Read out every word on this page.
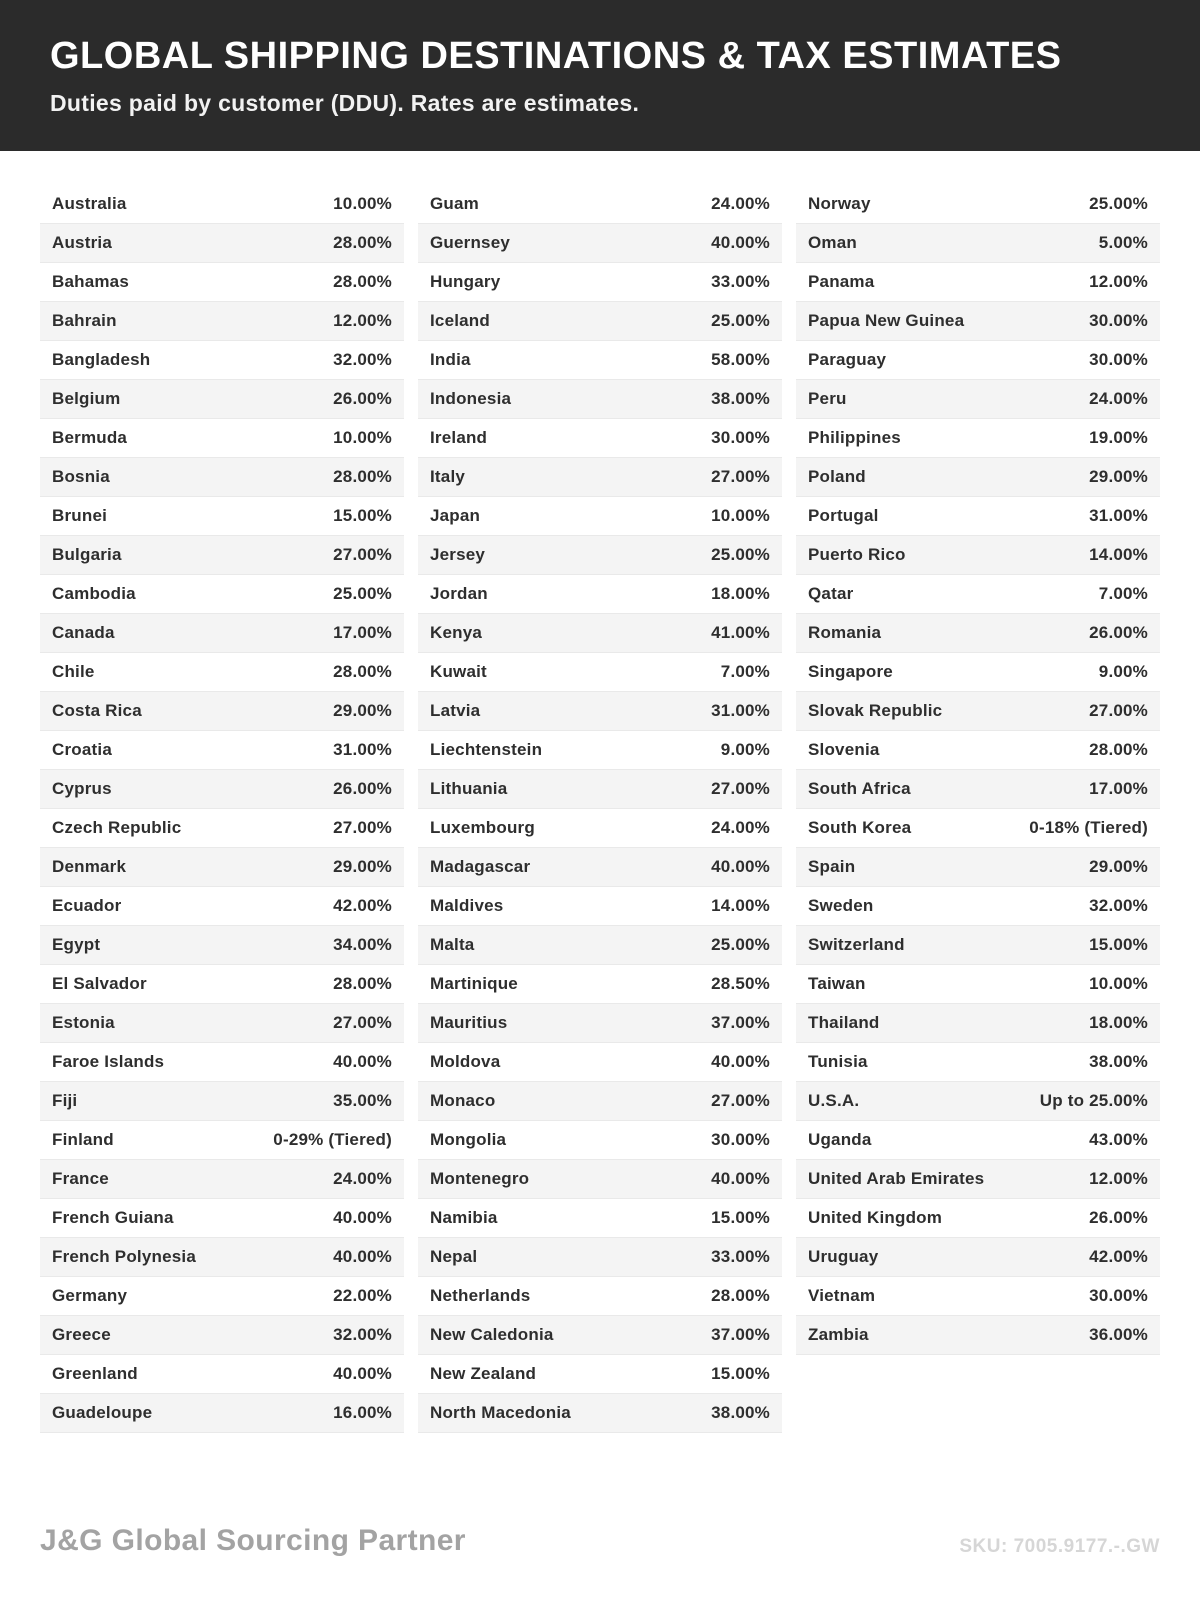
GLOBAL SHIPPING DESTINATIONS & TAX ESTIMATES

Duties paid by customer (DDU). Rates are estimates.

Australia	10.00%
Austria	28.00%
Bahamas	28.00%
Bahrain	12.00%
Bangladesh	32.00%
Belgium	26.00%
Bermuda	10.00%
Bosnia	28.00%
Brunei	15.00%
Bulgaria	27.00%
Cambodia	25.00%
Canada	17.00%
Chile	28.00%
Costa Rica	29.00%
Croatia	31.00%
Cyprus	26.00%
Czech Republic	27.00%
Denmark	29.00%
Ecuador	42.00%
Egypt	34.00%
El Salvador	28.00%
Estonia	27.00%
Faroe Islands	40.00%
Fiji	35.00%
Finland	0-29% (Tiered)
France	24.00%
French Guiana	40.00%
French Polynesia	40.00%
Germany	22.00%
Greece	32.00%
Greenland	40.00%
Guadeloupe	16.00%
Guam	24.00%
Guernsey	40.00%
Hungary	33.00%
Iceland	25.00%
India	58.00%
Indonesia	38.00%
Ireland	30.00%
Italy	27.00%
Japan	10.00%
Jersey	25.00%
Jordan	18.00%
Kenya	41.00%
Kuwait	7.00%
Latvia	31.00%
Liechtenstein	9.00%
Lithuania	27.00%
Luxembourg	24.00%
Madagascar	40.00%
Maldives	14.00%
Malta	25.00%
Martinique	28.50%
Mauritius	37.00%
Moldova	40.00%
Monaco	27.00%
Mongolia	30.00%
Montenegro	40.00%
Namibia	15.00%
Nepal	33.00%
Netherlands	28.00%
New Caledonia	37.00%
New Zealand	15.00%
North Macedonia	38.00%
Norway	25.00%
Oman	5.00%
Panama	12.00%
Papua New Guinea	30.00%
Paraguay	30.00%
Peru	24.00%
Philippines	19.00%
Poland	29.00%
Portugal	31.00%
Puerto Rico	14.00%
Qatar	7.00%
Romania	26.00%
Singapore	9.00%
Slovak Republic	27.00%
Slovenia	28.00%
South Africa	17.00%
South Korea	0-18% (Tiered)
Spain	29.00%
Sweden	32.00%
Switzerland	15.00%
Taiwan	10.00%
Thailand	18.00%
Tunisia	38.00%
U.S.A.	Up to 25.00%
Uganda	43.00%
United Arab Emirates	12.00%
United Kingdom	26.00%
Uruguay	42.00%
Vietnam	30.00%
Zambia	36.00%
J&G Global Sourcing Partner	SKU: 7005.9177.-.GW
